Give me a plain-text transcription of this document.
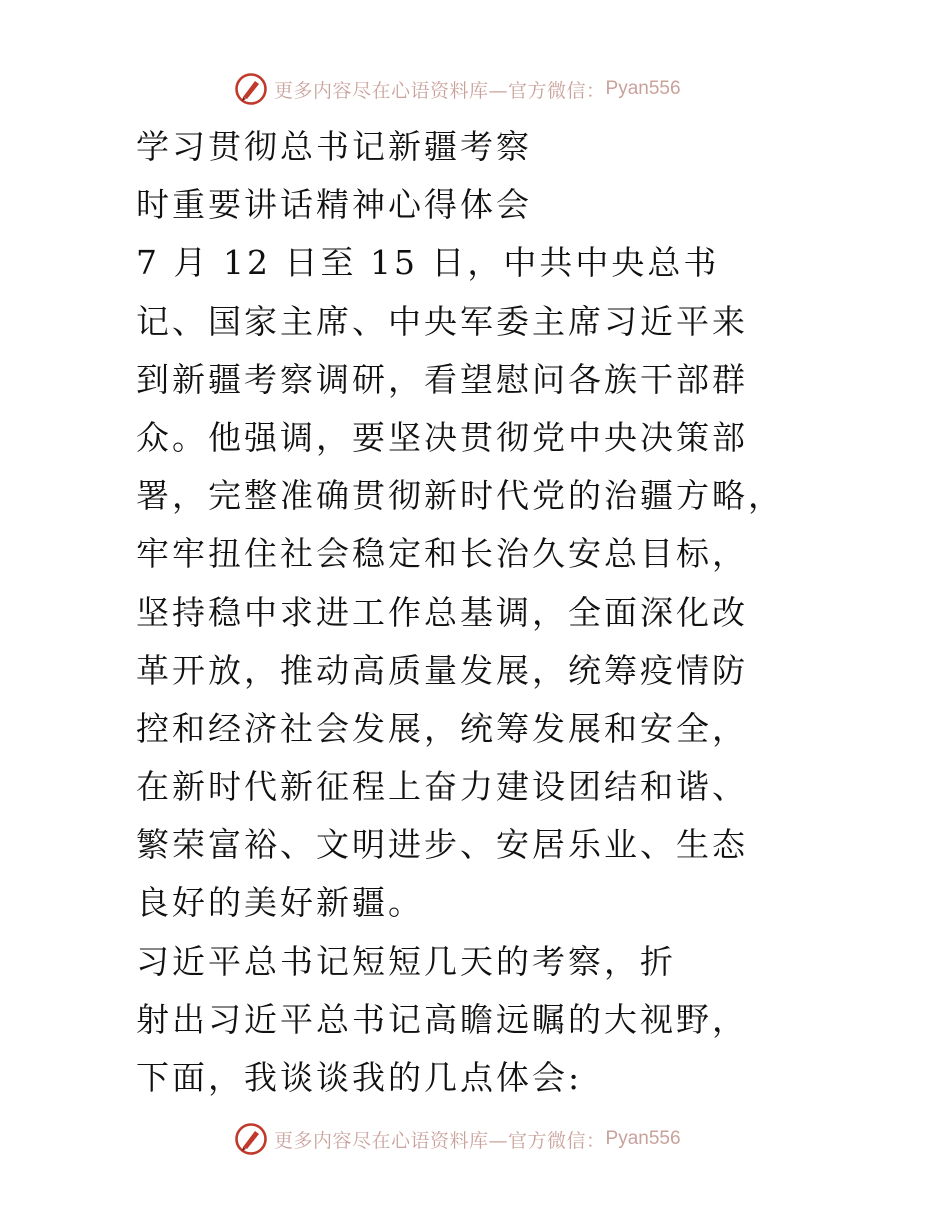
更多内容尽在心语资料库—官方微信： Pyan556
学习贯彻总书记新疆考察
时重要讲话精神心得体会
7 月 12 日至 15 日，中共中央总书
记、国家主席、中央军委主席习近平来
到新疆考察调研，看望慰问各族干部群
众。他强调，要坚决贯彻党中央决策部
署，完整准确贯彻新时代党的治疆方略，
牢牢扭住社会稳定和长治久安总目标，
坚持稳中求进工作总基调，全面深化改
革开放，推动高质量发展，统筹疫情防
控和经济社会发展，统筹发展和安全，
在新时代新征程上奋力建设团结和谐、
繁荣富裕、文明进步、安居乐业、生态
良好的美好新疆。
习近平总书记短短几天的考察，折
射出习近平总书记高瞻远瞩的大视野，
下面，我谈谈我的几点体会:
更多内容尽在心语资料库—官方微信： Pyan556
